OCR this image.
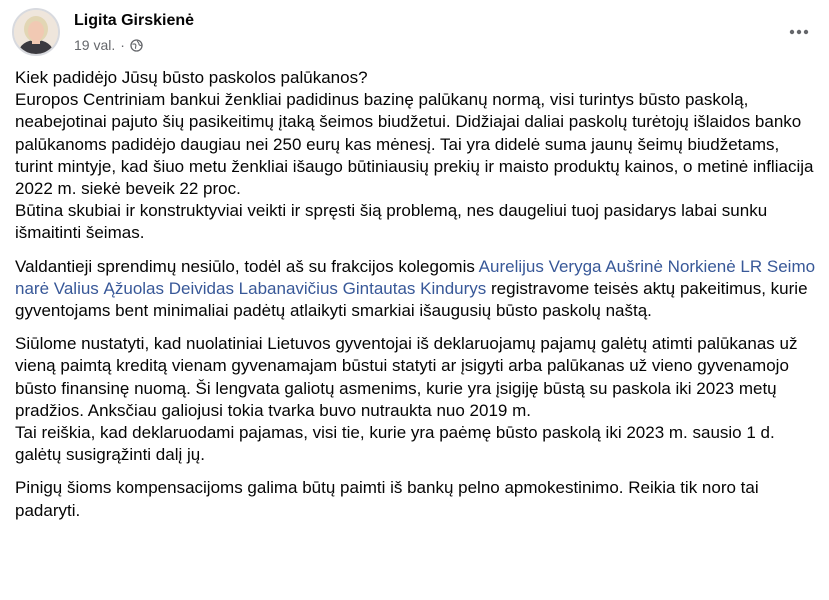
Ligita Girskienė
19 val. ·

Kiek padidėjo Jūsų būsto paskolos palūkanos?
Europos Centriniam bankui ženkliai padidinus bazinę palūkanų normą, visi turintys būsto paskolą, neabejotinai pajuto šių pasikeitimų įtaką šeimos biudžetui. Didžiajai daliai paskolų turėtojų išlaidos banko palūkanoms padidėjo daugiau nei 250 eurų kas mėnesį. Tai yra didelė suma jaunų šeimų biudžetams, turint mintyje, kad šiuo metu ženkliai išaugo būtiniausių prekių ir maisto produktų kainos, o metinė infliacija 2022 m. siekė beveik 22 proc.
Būtina skubiai ir konstruktyviai veikti ir spręsti šią problemą, nes daugeliui tuoj pasidarys labai sunku išmaitinti šeimas.

Valdantieji sprendimų nesiūlo, todėl aš su frakcijos kolegomis Aurelijus Veryga Aušrinė Norkienė LR Seimo narė Valius Ąžuolas Deividas Labanavičius Gintautas Kindurys registravome teisės aktų pakeitimus, kurie gyventojams bent minimaliai padėtų atlaikyti smarkiai išaugusių būsto paskolų naštą.

Siūlome nustatyti, kad nuolatiniai Lietuvos gyventojai iš deklaruojamų pajamų galėtų atimti palūkanas už vieną paimtą kreditą vienam gyvenamajam būstui statyti ar įsigyti arba palūkanas už vieno gyvenamojo būsto finansinę nuomą. Ši lengvata galiotų asmenims, kurie yra įsigiję būstą su paskola iki 2023 metų pradžios. Anksčiau galiojusi tokia tvarka buvo nutraukta nuo 2019 m.
Tai reiškia, kad deklaruodami pajamas, visi tie, kurie yra paėmę būsto paskolą iki 2023 m. sausio 1 d. galėtų susigrąžinti dalį jų.

Pinigų šioms kompensacijoms galima būtų paimti iš bankų pelno apmokestinimo. Reikia tik noro tai padaryti.
